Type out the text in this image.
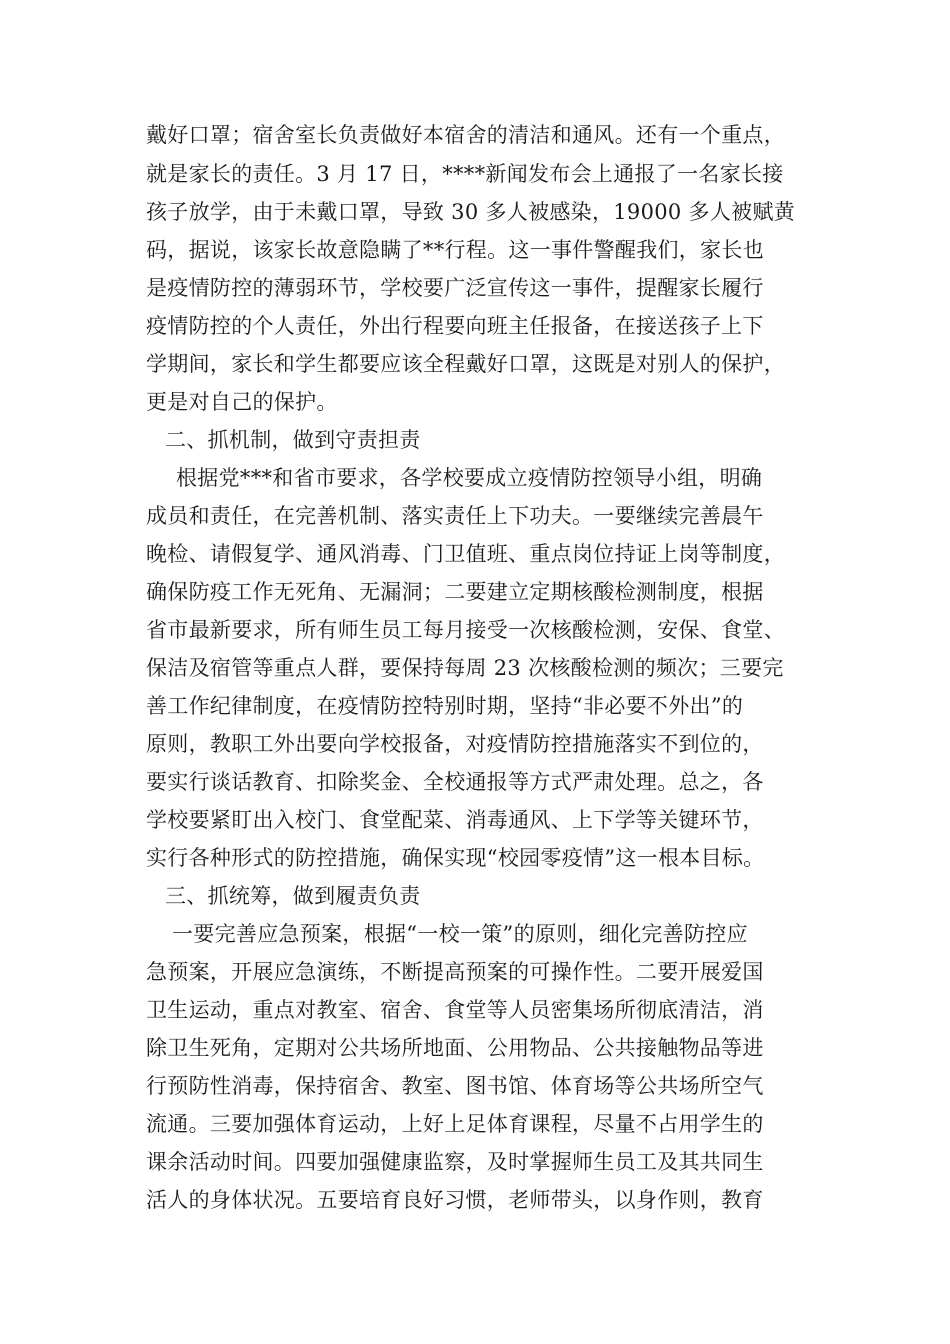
戴好口罩；宿舍室长负责做好本宿舍的清洁和通风。还有一个重点，
就是家长的责任。3 月 17 日，****新闻发布会上通报了一名家长接
孩子放学，由于未戴口罩，导致 30 多人被感染，19000 多人被赋黄
码，据说，该家长故意隐瞒了**行程。这一事件警醒我们，家长也
是疫情防控的薄弱环节，学校要广泛宣传这一事件，提醒家长履行
疫情防控的个人责任，外出行程要向班主任报备，在接送孩子上下
学期间，家长和学生都要应该全程戴好口罩，这既是对别人的保护，
更是对自己的保护。
二、抓机制，做到守责担责
根据党***和省市要求，各学校要成立疫情防控领导小组，明确
成员和责任，在完善机制、落实责任上下功夫。一要继续完善晨午
晚检、请假复学、通风消毒、门卫值班、重点岗位持证上岗等制度，
确保防疫工作无死角、无漏洞；二要建立定期核酸检测制度，根据
省市最新要求，所有师生员工每月接受一次核酸检测，安保、食堂、
保洁及宿管等重点人群，要保持每周 23 次核酸检测的频次；三要完
善工作纪律制度，在疫情防控特别时期，坚持“非必要不外出”的
原则，教职工外出要向学校报备，对疫情防控措施落实不到位的，
要实行谈话教育、扣除奖金、全校通报等方式严肃处理。总之，各
学校要紧盯出入校门、食堂配菜、消毒通风、上下学等关键环节，
实行各种形式的防控措施，确保实现“校园零疫情”这一根本目标。
三、抓统筹，做到履责负责
一要完善应急预案，根据“一校一策”的原则，细化完善防控应
急预案，开展应急演练，不断提高预案的可操作性。二要开展爱国
卫生运动，重点对教室、宿舍、食堂等人员密集场所彻底清洁，消
除卫生死角，定期对公共场所地面、公用物品、公共接触物品等进
行预防性消毒，保持宿舍、教室、图书馆、体育场等公共场所空气
流通。三要加强体育运动，上好上足体育课程，尽量不占用学生的
课余活动时间。四要加强健康监察，及时掌握师生员工及其共同生
活人的身体状况。五要培育良好习惯，老师带头，以身作则，教育
